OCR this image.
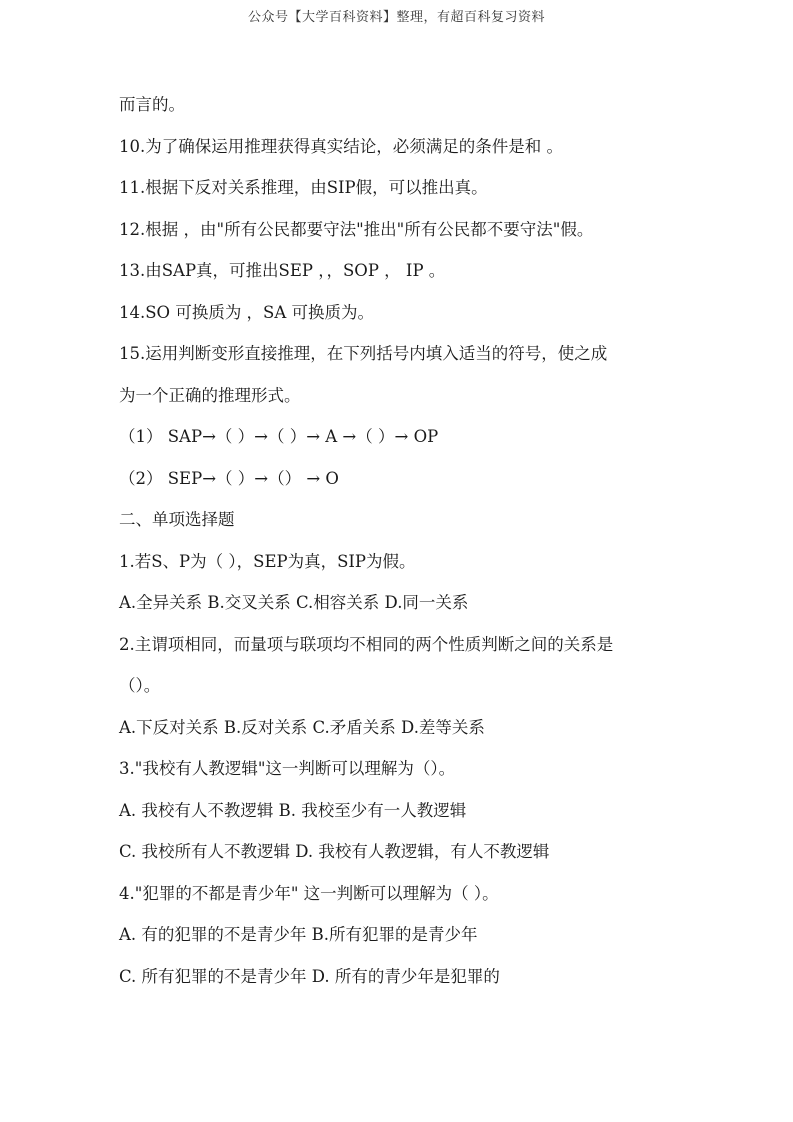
公众号【大学百科资料】整理，有超百科复习资料
而言的。
10.为了确保运用推理获得真实结论，必须满足的条件是和 。
11.根据下反对关系推理，由SIP假，可以推出真。
12.根据 ，由"所有公民都要守法"推出"所有公民都不要守法"假。
13.由SAP真，可推出SEP ，，SOP ， IP 。
14.SO 可换质为 ，SA 可换质为。
15.运用判断变形直接推理，在下列括号内填入适当的符号，使之成
为一个正确的推理形式。
（1） SAP→（ ）→（ ）→ A →（ ）→ OP
（2） SEP→（ ）→（） → O
二、单项选择题
1.若S、P为（ ），SEP为真，SIP为假。
A.全异关系 B.交叉关系 C.相容关系 D.同一关系
2.主谓项相同，而量项与联项均不相同的两个性质判断之间的关系是
（）。
A.下反对关系 B.反对关系 C.矛盾关系 D.差等关系
3."我校有人教逻辑"这一判断可以理解为（）。
A. 我校有人不教逻辑 B. 我校至少有一人教逻辑
C. 我校所有人不教逻辑 D. 我校有人教逻辑，有人不教逻辑
4."犯罪的不都是青少年" 这一判断可以理解为（ ）。
A. 有的犯罪的不是青少年 B.所有犯罪的是青少年
C. 所有犯罪的不是青少年 D. 所有的青少年是犯罪的
